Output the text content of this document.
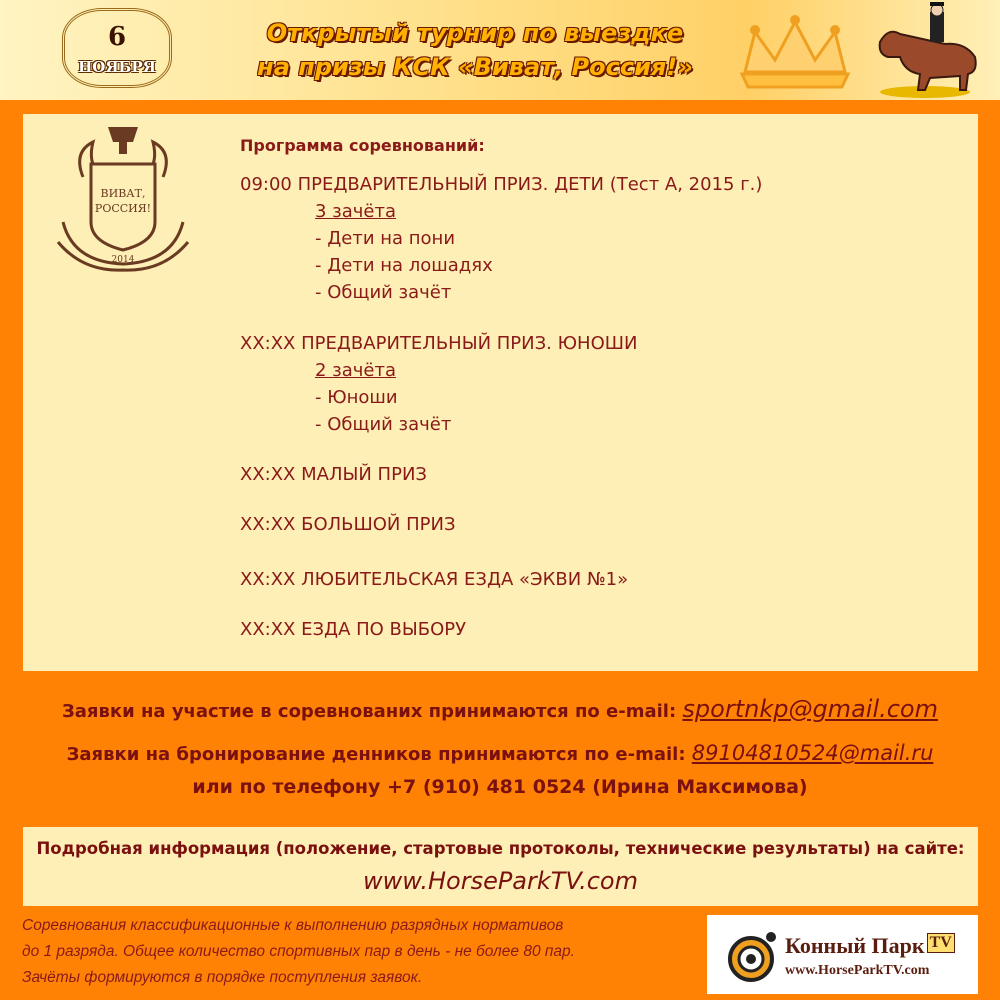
6
НОЯБРЯ
Открытый турнир по выездке
на призы КСК «Виват, Россия!»
ВИВАТ,
РОССИЯ!
2014
Программа соревнований:
09:00 ПРЕДВАРИТЕЛЬНЫЙ ПРИЗ. ДЕТИ (Тест А, 2015 г.)
3 зачёта
- Дети на пони
- Дети на лошадях
- Общий зачёт
XX:XX ПРЕДВАРИТЕЛЬНЫЙ ПРИЗ. ЮНОШИ
2 зачёта
- Юноши
- Общий зачёт
XX:XX МАЛЫЙ ПРИЗ
XX:XX БОЛЬШОЙ ПРИЗ
XX:XX ЛЮБИТЕЛЬСКАЯ ЕЗДА «ЭКВИ №1»
XX:XX ЕЗДА ПО ВЫБОРУ
Заявки на участие в соревнованих принимаются по e-mail: sportnkp@gmail.com
Заявки на бронирование денников принимаются по e-mail: 89104810524@mail.ru
или по телефону +7 (910) 481 0524 (Ирина Максимова)
Подробная информация (положение, стартовые протоколы, технические результаты) на сайте:
www.HorseParkTV.com
Соревнования классификационные к выполнению разрядных нормативов
до 1 разряда. Общее количество спортивных пар в день - не более 80 пар.
Зачёты формируются в порядке поступления заявок.
Конный Парк TV
www.HorseParkTV.com
